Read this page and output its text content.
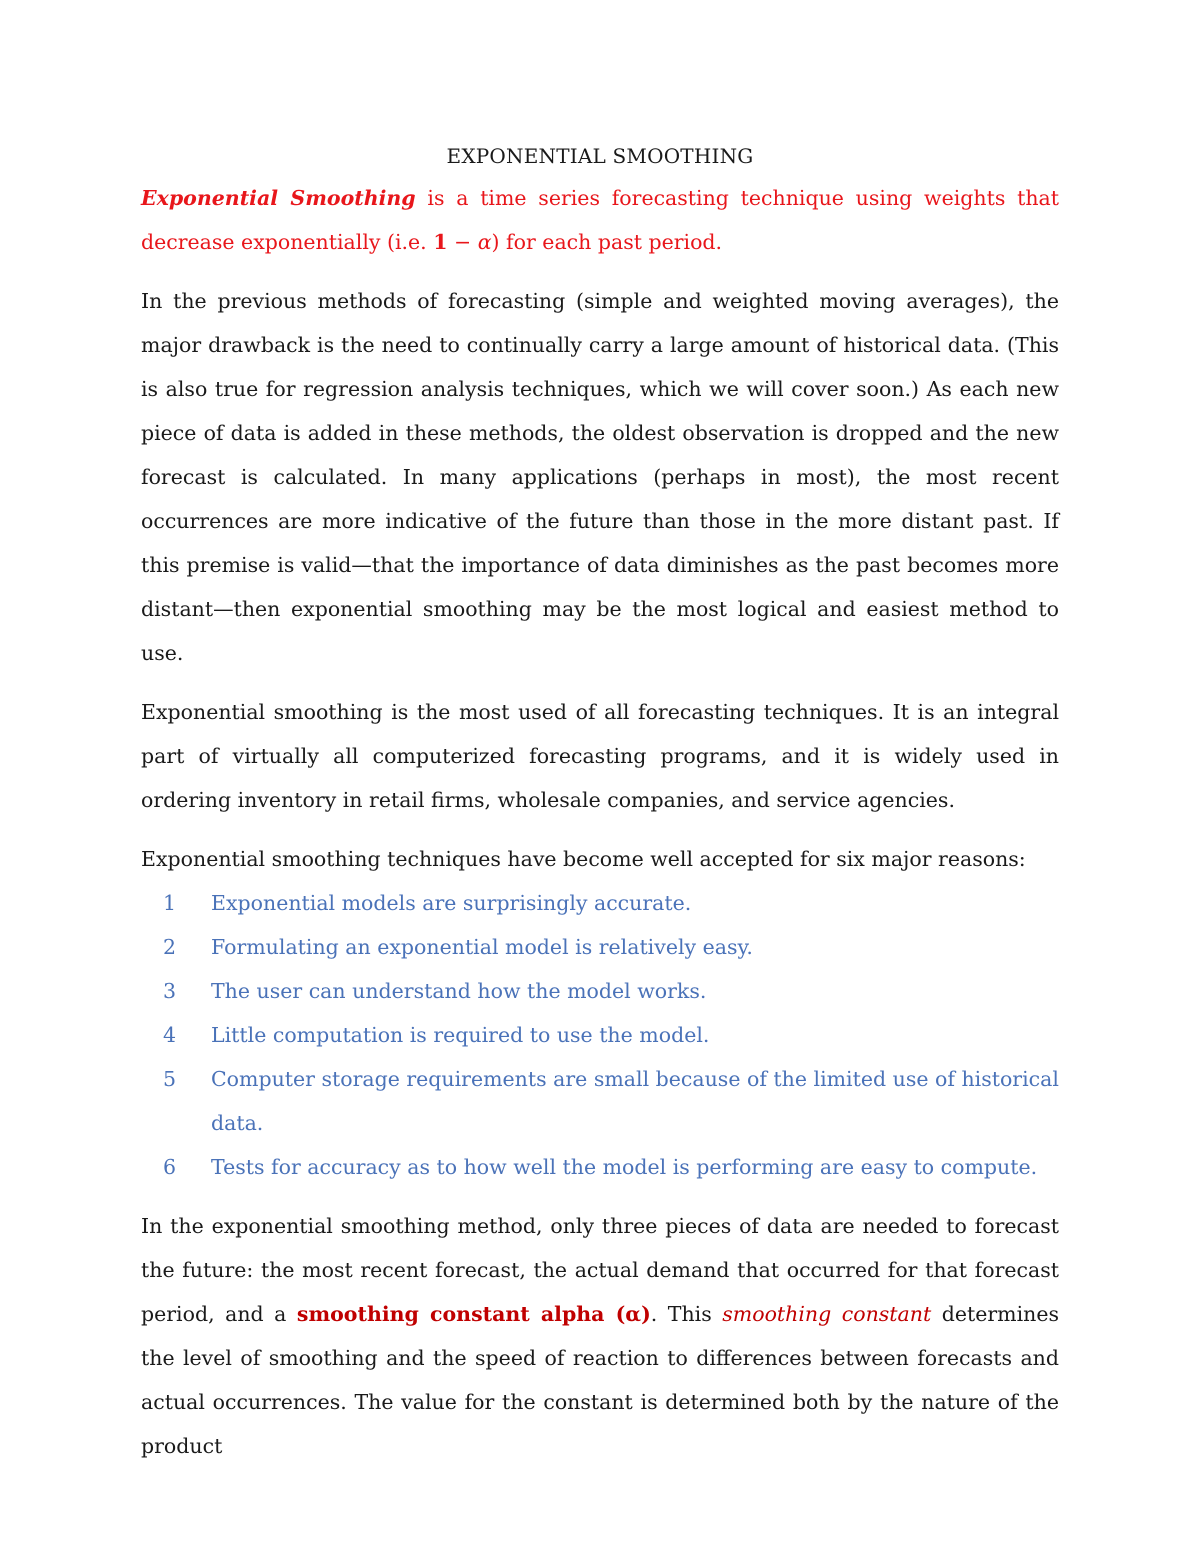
EXPONENTIAL SMOOTHING

Exponential Smoothing is a time series forecasting technique using weights that decrease exponentially (i.e. 1 − α) for each past period.

In the previous methods of forecasting (simple and weighted moving averages), the major drawback is the need to continually carry a large amount of historical data. (This is also true for regression analysis techniques, which we will cover soon.) As each new piece of data is added in these methods, the oldest observation is dropped and the new forecast is calculated. In many applications (perhaps in most), the most recent occurrences are more indicative of the future than those in the more distant past. If this premise is valid—that the importance of data diminishes as the past becomes more distant—then exponential smoothing may be the most logical and easiest method to use.

Exponential smoothing is the most used of all forecasting techniques. It is an integral part of virtually all computerized forecasting programs, and it is widely used in ordering inventory in retail firms, wholesale companies, and service agencies.

Exponential smoothing techniques have become well accepted for six major reasons:

1 Exponential models are surprisingly accurate.
2 Formulating an exponential model is relatively easy.
3 The user can understand how the model works.
4 Little computation is required to use the model.
5 Computer storage requirements are small because of the limited use of historical data.
6 Tests for accuracy as to how well the model is performing are easy to compute.

In the exponential smoothing method, only three pieces of data are needed to forecast the future: the most recent forecast, the actual demand that occurred for that forecast period, and a smoothing constant alpha (α). This smoothing constant determines the level of smoothing and the speed of reaction to differences between forecasts and actual occurrences. The value for the constant is determined both by the nature of the product
